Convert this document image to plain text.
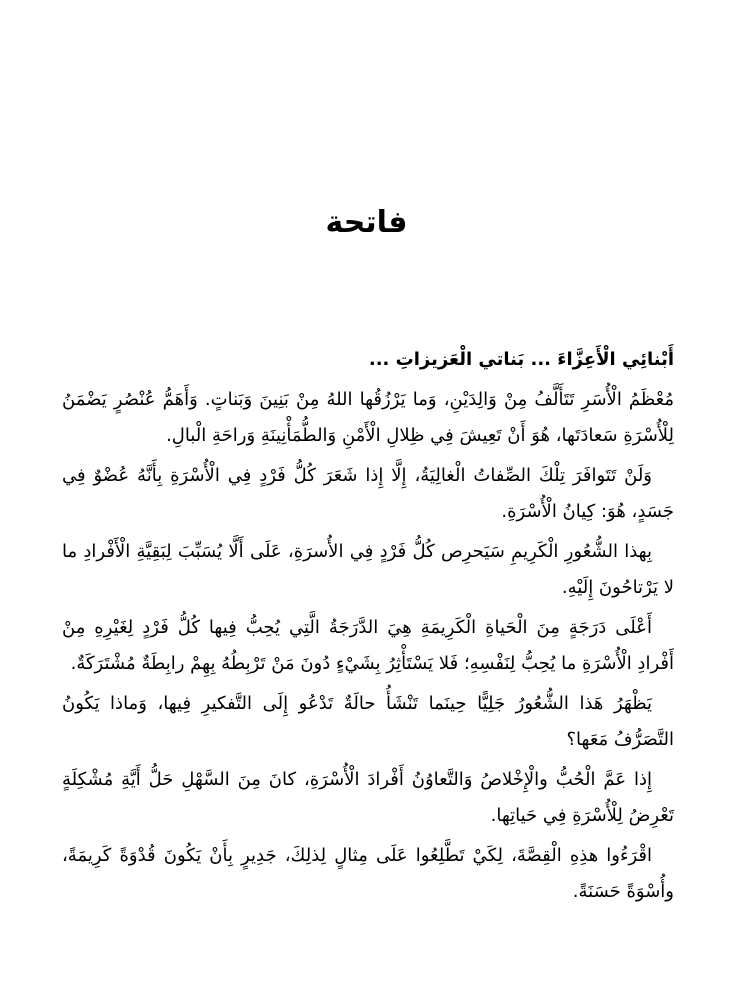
فاتحة

أَبْنائِي الْأَعِزَّاءَ ... بَناتي الْعَزيزاتِ ...

مُعْظَمُ الْأُسَرِ تَتَأَلَّفُ مِنْ وَالِدَيْنِ، وَما يَرْزُقُها اللهُ مِنْ بَنِينَ وَبَناتٍ. وَأَهَمُّ عُنْصُرٍ يَضْمَنُ لِلْأُسْرَةِ سَعادَتَها، هُوَ أَنْ تَعِيشَ فِي ظِلالِ الْأَمْنِ وَالطُّمَأْنِينَةِ وَراحَةِ الْبالِ.

وَلَنْ تَتَوافَرَ تِلْكَ الصِّفاتُ الْغالِيَةُ، إِلَّا إِذا شَعَرَ كُلُّ فَرْدٍ فِي الْأُسْرَةِ بِأَنَّهُ عُضْوٌ فِي جَسَدٍ، هُوَ: كِيانُ الْأُسْرَةِ.

بِهذا الشُّعُورِ الْكَرِيمِ سَيَحرِص كُلُّ فَرْدٍ فِي الأُسرَةِ، عَلَى أَلَّا يُسَبِّبَ لِبَقِيَّةِ الْأَفْرادِ ما لا يَرْتاحُونَ إِلَيْهِ.

أَعْلَى دَرَجَةٍ مِنَ الْحَياةِ الْكَرِيمَةِ هِيَ الدَّرَجَةُ الَّتِي يُحِبُّ فِيها كُلُّ فَرْدٍ لِغَيْرِهِ مِنْ أَفْرادِ الْأُسْرَةِ ما يُحِبُّ لِنَفْسِهِ؛ فَلا يَسْتَأْثِرُ بِشَيْءٍ دُونَ مَنْ تَرْبِطُهُ بِهِمْ رابِطَةٌ مُشْتَرَكَةٌ.

يَظْهَرُ هَذا الشُّعُورُ جَلِيًّا حِينَما تَنْشَأُ حالَةٌ تَدْعُو إِلَى التَّفكيرِ فِيها، وَماذا يَكُونُ التَّصَرُّفُ مَعَها؟

إِذا عَمَّ الْحُبُّ والْإِخْلاصُ وَالتَّعاوُنُ أَفْرادَ الْأُسْرَةِ، كانَ مِنَ السَّهْلِ حَلُّ أَيَّةِ مُشْكِلَةٍ تَعْرِضُ لِلْأُسْرَةِ فِي حَياتِها.

اقْرَءُوا هذِهِ الْقِصَّةَ، لِكَيْ تَطَّلِعُوا عَلَى مِثالٍ لِذلِكَ، جَدِيرٍ بِأَنْ يَكُونَ قُدْوَةً كَرِيمَةً، وأُسْوَةً حَسَنَةً.
